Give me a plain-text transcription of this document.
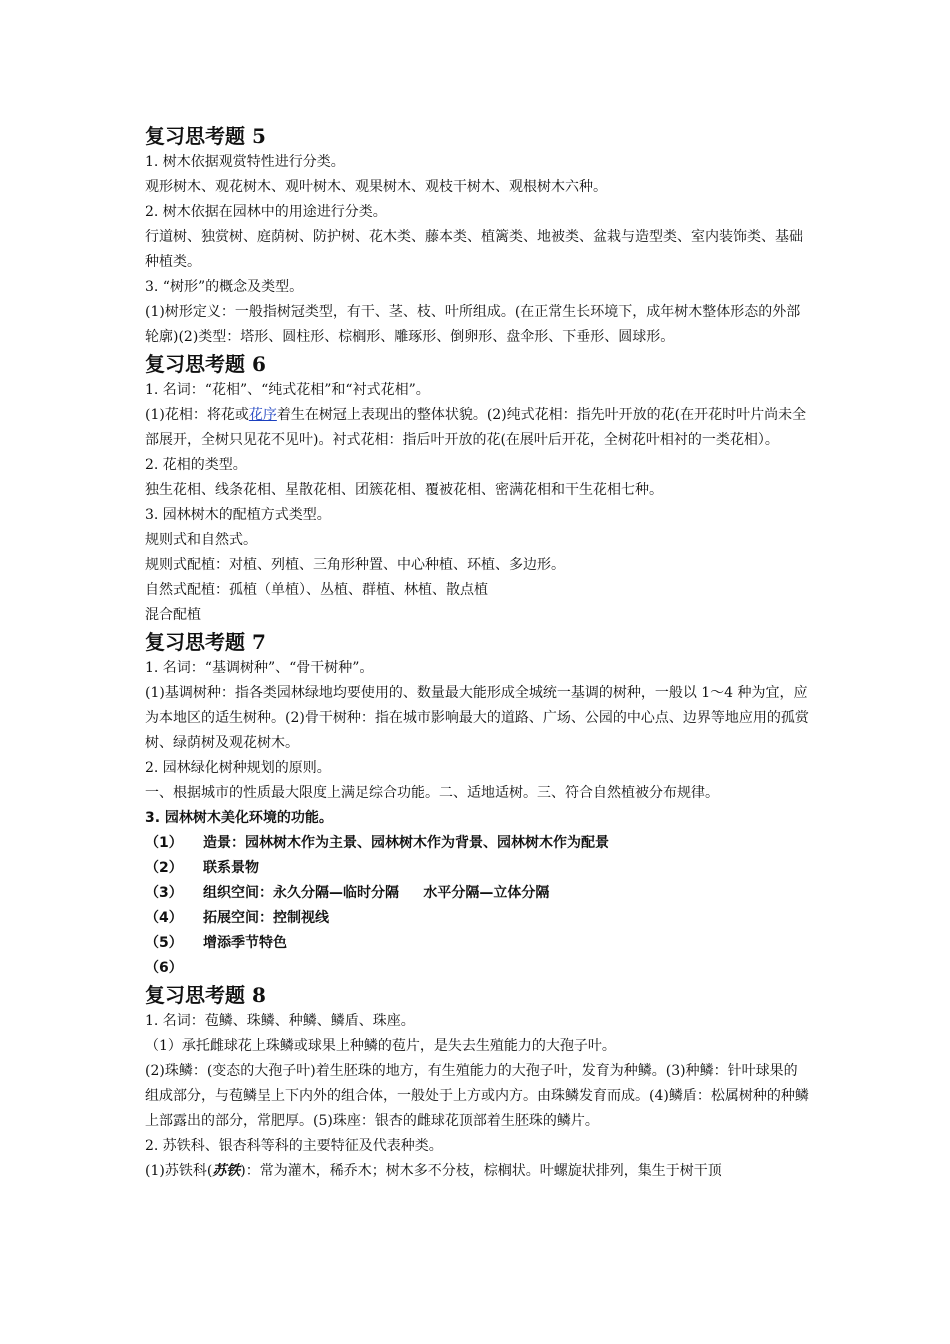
复习思考题 5
1. 树木依据观赏特性进行分类。
观形树木、观花树木、观叶树木、观果树木、观枝干树木、观根树木六种。
2. 树木依据在园林中的用途进行分类。
行道树、独赏树、庭荫树、防护树、花木类、藤本类、植篱类、地被类、盆栽与造型类、室内装饰类、基础种植类。
3. “树形”的概念及类型。
(1)树形定义：一般指树冠类型，有干、茎、枝、叶所组成。(在正常生长环境下，成年树木整体形态的外部轮廓)(2)类型：塔形、圆柱形、棕榈形、雕琢形、倒卵形、盘伞形、下垂形、圆球形。
复习思考题 6
1. 名词：“花相”、“纯式花相”和“衬式花相”。
(1)花相：将花或花序着生在树冠上表现出的整体状貌。(2)纯式花相：指先叶开放的花(在开花时叶片尚未全部展开，全树只见花不见叶)。衬式花相：指后叶开放的花(在展叶后开花，全树花叶相衬的一类花相）。
2. 花相的类型。
独生花相、线条花相、星散花相、团簇花相、覆被花相、密满花相和干生花相七种。
3. 园林树木的配植方式类型。
规则式和自然式。
规则式配植：对植、列植、三角形种置、中心种植、环植、多边形。
自然式配植：孤植（单植）、丛植、群植、林植、散点植
混合配植
复习思考题 7
1. 名词：“基调树种”、“骨干树种”。
(1)基调树种：指各类园林绿地均要使用的、数量最大能形成全城统一基调的树种，一般以 1～4 种为宜，应为本地区的适生树种。(2)骨干树种：指在城市影响最大的道路、广场、公园的中心点、边界等地应用的孤赏树、绿荫树及观花树木。
2. 园林绿化树种规划的原则。
一、根据城市的性质最大限度上满足综合功能。二、适地适树。三、符合自然植被分布规律。
3. 园林树木美化环境的功能。
（1）	造景：园林树木作为主景、园林树木作为背景、园林树木作为配景
（2）	联系景物
（3）	组织空间：永久分隔—临时分隔     水平分隔—立体分隔
（4）	拓展空间：控制视线
（5）	增添季节特色
（6）
复习思考题 8
1. 名词：苞鳞、珠鳞、种鳞、鳞盾、珠座。
（1）承托雌球花上珠鳞或球果上种鳞的苞片，是失去生殖能力的大孢子叶。
(2)珠鳞：(变态的大孢子叶)着生胚珠的地方，有生殖能力的大孢子叶，发育为种鳞。(3)种鳞：针叶球果的组成部分，与苞鳞呈上下内外的组合体，一般处于上方或内方。由珠鳞发育而成。(4)鳞盾：松属树种的种鳞上部露出的部分，常肥厚。(5)珠座：银杏的雌球花顶部着生胚珠的鳞片。
2. 苏铁科、银杏科等科的主要特征及代表种类。
(1)苏铁科(苏铁)：常为灌木，稀乔木；树木多不分枝，棕榈状。叶螺旋状排列，集生于树干顶
